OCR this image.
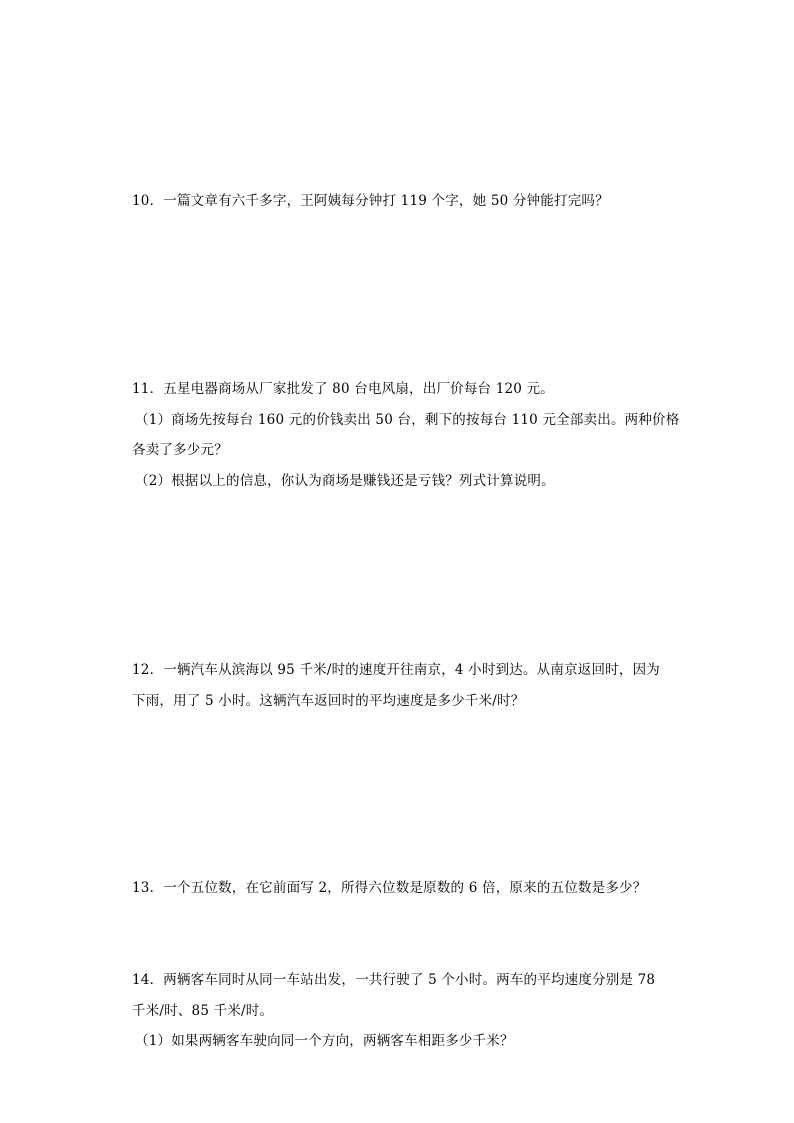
10．一篇文章有六千多字，王阿姨每分钟打 119 个字，她 50 分钟能打完吗？
11．五星电器商场从厂家批发了 80 台电风扇，出厂价每台 120 元。
（1）商场先按每台 160 元的价钱卖出 50 台，剩下的按每台 110 元全部卖出。两种价格
各卖了多少元？
（2）根据以上的信息，你认为商场是赚钱还是亏钱？列式计算说明。
12．一辆汽车从滨海以 95 千米/时的速度开往南京，4 小时到达。从南京返回时，因为
下雨，用了 5 小时。这辆汽车返回时的平均速度是多少千米/时？
13．一个五位数，在它前面写 2，所得六位数是原数的 6 倍，原来的五位数是多少？
14．两辆客车同时从同一车站出发，一共行驶了 5 个小时。两车的平均速度分别是 78
千米/时、85 千米/时。
（1）如果两辆客车驶向同一个方向，两辆客车相距多少千米？
